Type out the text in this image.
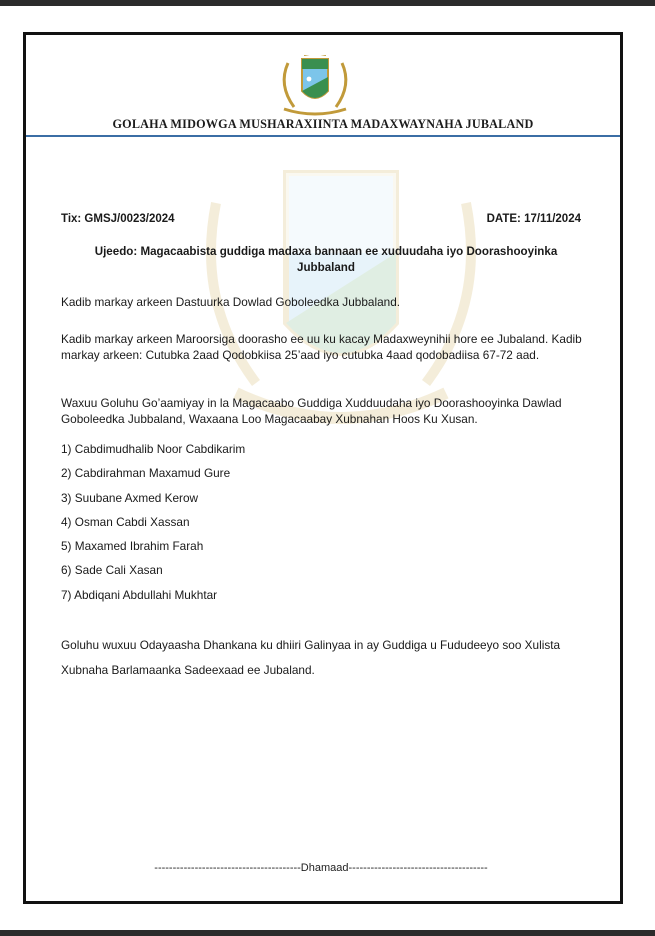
GOLAHA MIDOWGA MUSHARAXIINTA MADAXWAYNAHA JUBALAND
Tix: GMSJ/0023/2024	DATE: 17/11/2024
Ujeedo: Magacaabista guddiga madaxa bannaan ee xuduudaha iyo Doorashooyinka Jubbaland

Kadib markay arkeen Dastuurka Dowlad Goboleedka Jubbaland.

Kadib markay arkeen Maroorsiga doorasho ee uu ku kacay Madaxweynihii hore ee Jubaland. Kadib markay arkeen: Cutubka 2aad Qodobkiisa 25’aad iyo cutubka 4aad qodobadiisa 67-72 aad.

Waxuu Goluhu Go’aamiyay in la Magacaabo Guddiga Xudduudaha iyo Doorashooyinka Dawlad Goboleedka Jubbaland, Waxaana Loo Magacaabay Xubnahan Hoos Ku Xusan.

1) Cabdimudhalib Noor Cabdikarim
2) Cabdirahman Maxamud Gure
3) Suubane Axmed Kerow
4) Osman Cabdi Xassan
5) Maxamed Ibrahim Farah
6) Sade Cali Xasan
7) Abdiqani Abdullahi Mukhtar

Goluhu wuxuu Odayaasha Dhankana ku dhiiri Galinyaa in ay Guddiga u Fududeeyo soo Xulista

Xubnaha Barlamaanka Sadeexaad ee Jubaland.

----------------------------------------Dhamaad--------------------------------------
